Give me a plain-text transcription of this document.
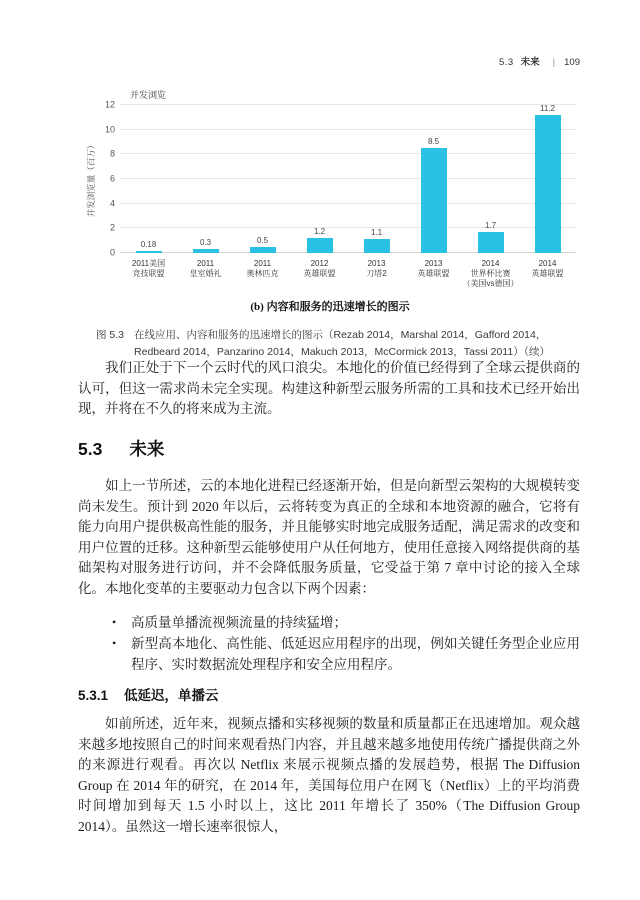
5.3 未来 | 109
并发浏览
并发浏览量（百万）
0
2
4
6
8
10
12
0.18	0.3	0.5
1.2	1.1
8.5
1.7
11.2
2011美国
竞技联盟
2011
皇室婚礼
2011
奥林匹克
2012
英雄联盟
2013
刀塔2
2013
英雄联盟
2014
世界杯比赛
（美国vs德国）
2014
英雄联盟
(b) 内容和服务的迅速增长的图示
图 5.3 在线应用、内容和服务的迅速增长的图示（Rezab 2014，Marshal 2014，Gafford 2014，Redbeard 2014，Panzarino 2014，Makuch 2013，McCormick 2013，Tassi 2011）（续）
我们正处于下一个云时代的风口浪尖。本地化的价值已经得到了全球云提供商的认可，但这一需求尚未完全实现。构建这种新型云服务所需的工具和技术已经开始出现，并将在不久的将来成为主流。
5.3 未来
如上一节所述，云的本地化进程已经逐渐开始，但是向新型云架构的大规模转变尚未发生。预计到 2020 年以后，云将转变为真正的全球和本地资源的融合，它将有能力向用户提供极高性能的服务，并且能够实时地完成服务适配，满足需求的改变和用户位置的迁移。这种新型云能够使用户从任何地方，使用任意接入网络提供商的基础架构对服务进行访问，并不会降低服务质量，它受益于第 7 章中讨论的接入全球化。本地化变革的主要驱动力包含以下两个因素：
•	高质量单播流视频流量的持续猛增；
•	新型高本地化、高性能、低延迟应用程序的出现，例如关键任务型企业应用程序、实时数据流处理程序和安全应用程序。
5.3.1 低延迟，单播云
如前所述，近年来，视频点播和实移视频的数量和质量都正在迅速增加。观众越来越多地按照自己的时间来观看热门内容，并且越来越多地使用传统广播提供商之外的来源进行观看。再次以 Netflix 来展示视频点播的发展趋势，根据 The Diffusion Group 在 2014 年的研究，在 2014 年，美国每位用户在网飞（Netflix）上的平均消费时间增加到每天 1.5 小时以上，这比 2011 年增长了 350%（The Diffusion Group 2014）。虽然这一增长速率很惊人，
